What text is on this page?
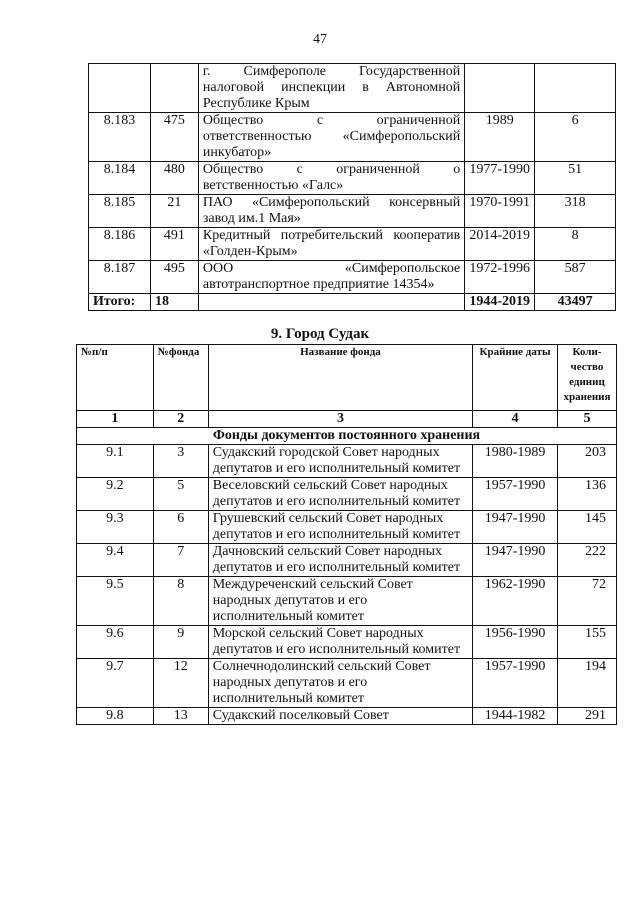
47
		г. Симферополе Государственной налоговой инспекции в Автономной Республике Крым		
8.183	475	Общество с ограниченной ответственностью «Симферопольский инкубатор»	1989	6
8.184	480	Общество с ограниченной о ветственностью «Галс»	1977-1990	51
8.185	21	ПАО «Симферопольский консервный завод им.1 Мая»	1970-1991	318
8.186	491	Кредитный потребительский кооператив «Голден-Крым»	2014-2019	8
8.187	495	ООО «Симферопольское автотранспортное предприятие 14354»	1972-1996	587
Итого:	18		1944-2019	43497
9. Город Судак
№п/п	№фонда	Название фонда	Крайние даты	Коли-чество единиц хранения
1	2	3	4	5
Фонды документов постоянного хранения				
9.1	3	Судакский городской Совет народных депутатов и его исполнительный комитет	1980-1989	203
9.2	5	Веселовский сельский Совет народных депутатов и его исполнительный комитет	1957-1990	136
9.3	6	Грушевский сельский Совет народных депутатов и его исполнительный комитет	1947-1990	145
9.4	7	Дачновский сельский Совет народных депутатов и его исполнительный комитет	1947-1990	222
9.5	8	Междуреченский сельский Совет народных депутатов и его исполнительный комитет	1962-1990	72
9.6	9	Морской сельский Совет народных депутатов и его исполнительный комитет	1956-1990	155
9.7	12	Солнечнодолинский сельский Совет народных депутатов и его исполнительный комитет	1957-1990	194
9.8	13	Судакский поселковый Совет	1944-1982	291
